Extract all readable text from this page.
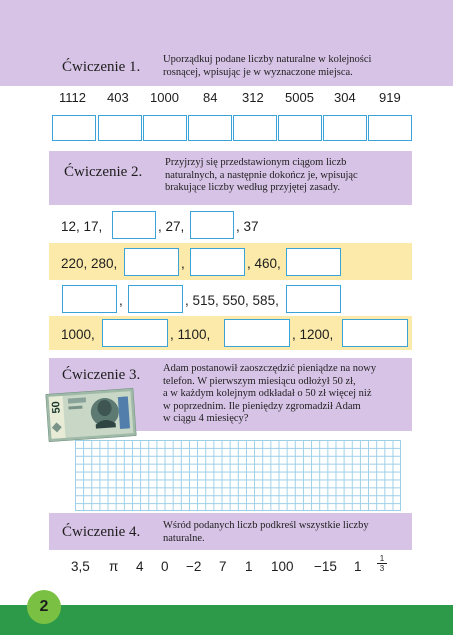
Ćwiczenie 1. Uporządkuj podane liczby naturalne w kolejności
rosnącej, wpisując je w wyznaczone miejsca.
1112 403 1000 84 312 5005 304 919
Ćwiczenie 2.
Przyjrzyj się przedstawionym ciągom liczb
naturalnych, a następnie dokończ je, wpisując
brakujące liczby według przyjętej zasady.
12, 17,	, 27,	, 37
220, 280,	,	, 460,
,	, 515, 550, 585,
1000,	, 1100,	, 1200,
Ćwiczenie 3. Adam postanowił zaoszczędzić pieniądze na nowy
telefon. W pierwszym miesiącu odłożył 50 zł,
a w każdym kolejnym odkładał o 50 zł więcej niż
w poprzednim. Ile pieniędzy zgromadził Adam
w ciągu 4 miesięcy?
50
Ćwiczenie 4. Wśród podanych liczb podkreśl wszystkie liczby
naturalne.
3,5 π 4 0 −2 7 1 100 −15 $1 \frac{1}{3}$
2
